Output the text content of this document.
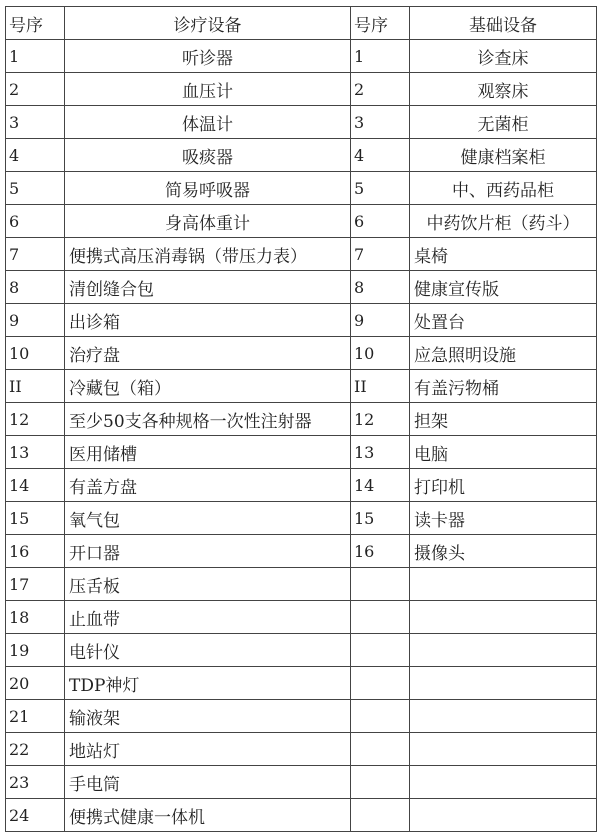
号序	诊疗设备	号序	基础设备
1	听诊器	1	诊查床
2	血压计	2	观察床
3	体温计	3	无菌柜
4	吸痰器	4	健康档案柜
5	简易呼吸器	5	中、西药品柜
6	身高体重计	6	中药饮片柜（药斗）
7	便携式高压消毒锅（带压力表）	7	桌椅
8	清创缝合包	8	健康宣传版
9	出诊箱	9	处置台
10	治疗盘	10	应急照明设施
II	冷藏包（箱）	II	有盖污物桶
12	至少50支各种规格一次性注射器	12	担架
13	医用储槽	13	电脑
14	有盖方盘	14	打印机
15	氧气包	15	读卡器
16	开口器	16	摄像头
17	压舌板		
18	止血带		
19	电针仪		
20	TDP神灯		
21	输液架		
22	地站灯		
23	手电筒		
24	便携式健康一体机		
